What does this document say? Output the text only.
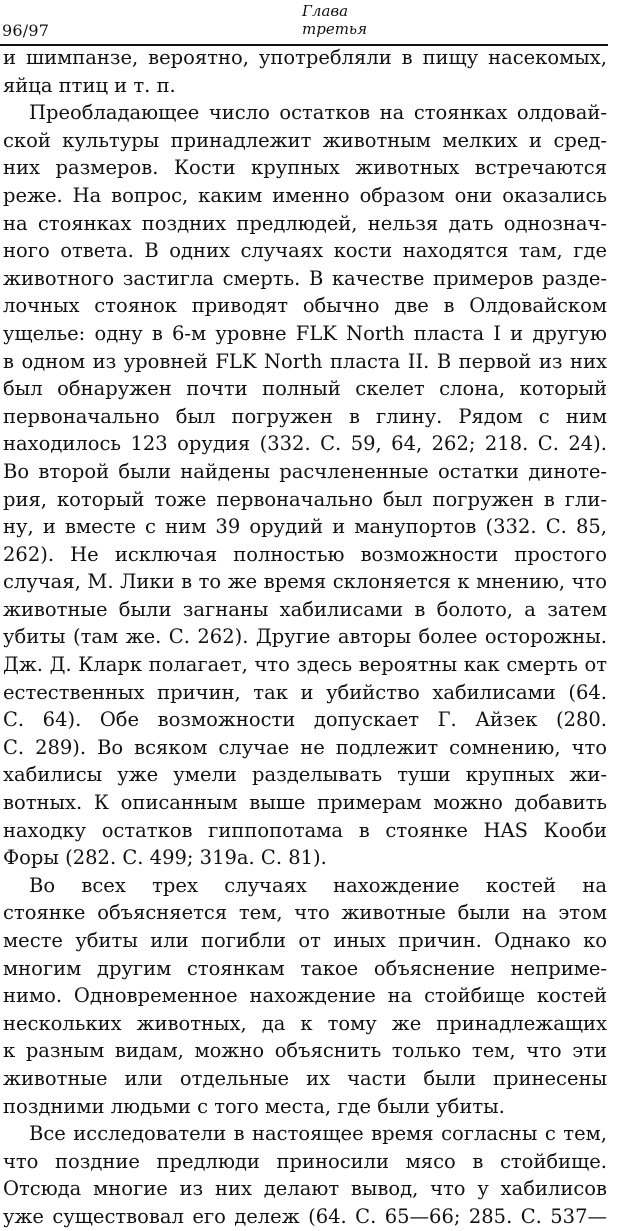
96/97
Глава
третья
и шимпанзе, вероятно, употребляли в пищу насекомых,
яйца птиц и т. п.
Преобладающее число остатков на стоянках олдовай-
ской культуры принадлежит животным мелких и сред-
них размеров. Кости крупных животных встречаются
реже. На вопрос, каким именно образом они оказались
на стоянках поздних предлюдей, нельзя дать однознач-
ного ответа. В одних случаях кости находятся там, где
животного застигла смерть. В качестве примеров разде-
лочных стоянок приводят обычно две в Олдовайском
ущелье: одну в 6-м уровне FLK North пласта I и другую
в одном из уровней FLK North пласта II. В первой из них
был обнаружен почти полный скелет слона, который
первоначально был погружен в глину. Рядом с ним
находилось 123 орудия (332. С. 59, 64, 262; 218. С. 24).
Во второй были найдены расчлененные остатки динотe-
рия, который тоже первоначально был погружен в гли-
ну, и вместе с ним 39 орудий и манупортов (332. С. 85,
262). Не исключая полностью возможности простого
случая, М. Лики в то же время склоняется к мнению, что
животные были загнаны хабилисами в болото, а затем
убиты (там же. С. 262). Другие авторы более осторожны.
Дж. Д. Кларк полагает, что здесь вероятны как смерть от
естественных причин, так и убийство хабилисами (64.
С. 64). Обе возможности допускает Г. Айзек (280.
С. 289). Во всяком случае не подлежит сомнению, что
хабилисы уже умели разделывать туши крупных жи-
вотных. К описанным выше примерам можно добавить
находку остатков гиппопотама в стоянке HAS Кооби
Форы (282. С. 499; 319а. С. 81).
Во всех трех случаях нахождение костей на
стоянке объясняется тем, что животные были на этом
месте убиты или погибли от иных причин. Однако ко
многим другим стоянкам такое объяснение неприме-
нимо. Одновременное нахождение на стойбище костей
нескольких животных, да к тому же принадлежащих
к разным видам, можно объяснить только тем, что эти
животные или отдельные их части были принесены
поздними людьми с того места, где были убиты.
Все исследователи в настоящее время согласны с тем,
что поздние предлюди приносили мясо в стойбище.
Отсюда многие из них делают вывод, что у хабилисов
уже существовал его дележ (64. С. 65—66; 285. С. 537—
